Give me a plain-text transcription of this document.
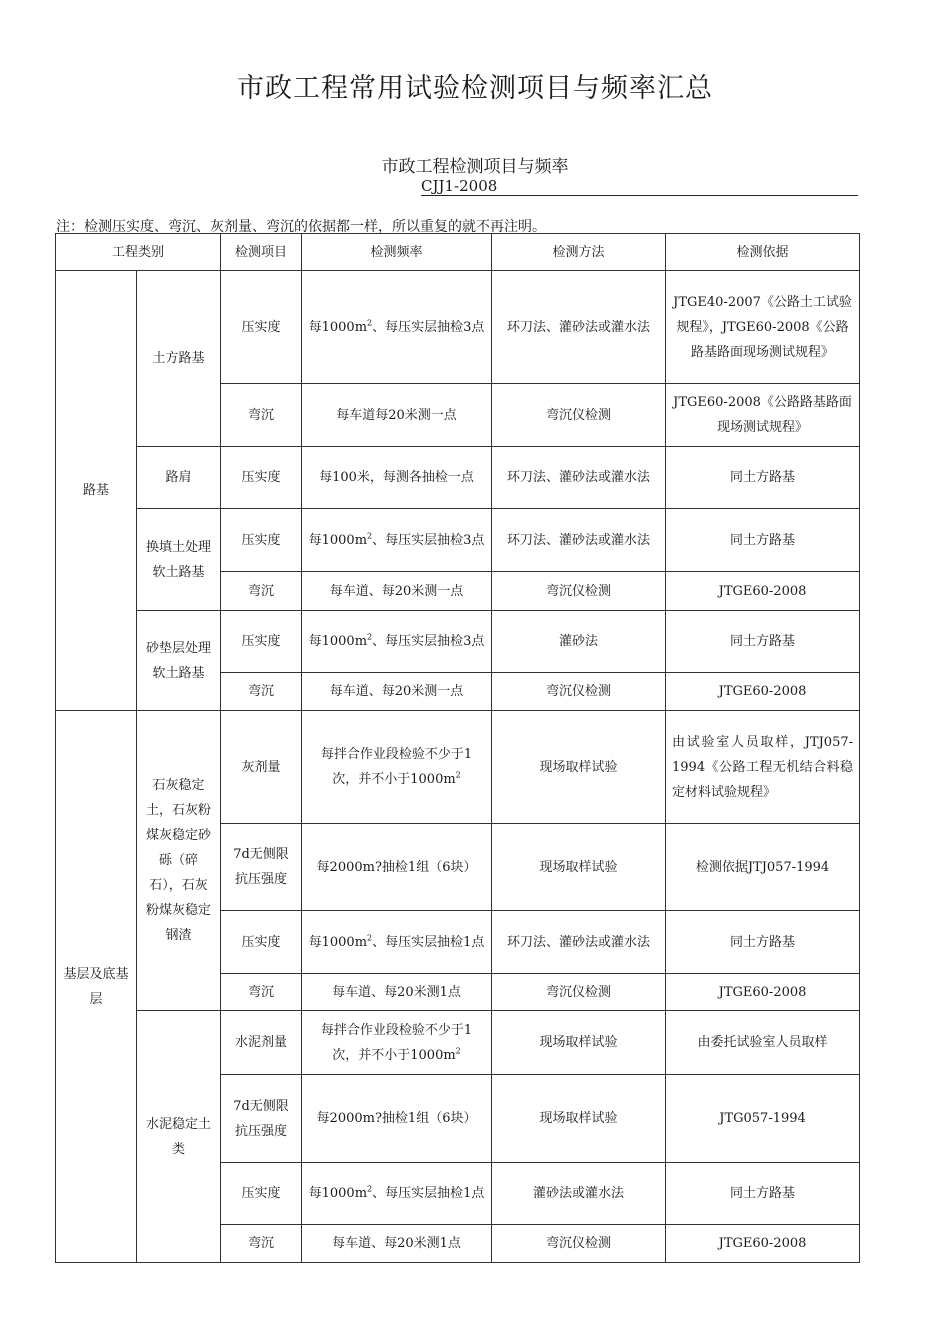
市政工程常用试验检测项目与频率汇总
市政工程检测项目与频率
CJJ1-2008
注：检测压实度、弯沉、灰剂量、弯沉的依据都一样，所以重复的就不再注明。
工程类别		检测项目	检测频率	检测方法	检测依据
路基	土方路基	压实度	每$1000m^2$、每压实层抽检3点	环刀法、灌砂法或灌水法	JTGE40-2007《公路土工试验规程》，JTGE60-2008《公路路基路面现场测试规程》
		弯沉	每车道每20米测一点	弯沉仪检测	JTGE60-2008《公路路基路面现场测试规程》
	路肩	压实度	每100米，每测各抽检一点	环刀法、灌砂法或灌水法	同土方路基
	换填土处理软土路基	压实度	每$1000m^2$、每压实层抽检3点	环刀法、灌砂法或灌水法	同土方路基
		弯沉	每车道、每20米测一点	弯沉仪检测	JTGE60-2008
	砂垫层处理软土路基	压实度	每$1000m^2$、每压实层抽检3点	灌砂法	同土方路基
		弯沉	每车道、每20米测一点	弯沉仪检测	JTGE60-2008
基层及底基层	石灰稳定土，石灰粉煤灰稳定砂砾（碎石），石灰粉煤灰稳定钢渣	灰剂量	每拌合作业段检验不少于1次，并不小于$1000m^2$	现场取样试验	由试验室人员取样，JTJ057-1994《公路工程无机结合料稳定材料试验规程》
		7d无侧限抗压强度	每2000m?抽检1组（6块）	现场取样试验	检测依据JTJ057-1994
		压实度	每$1000m^2$、每压实层抽检1点	环刀法、灌砂法或灌水法	同土方路基
		弯沉	每车道、每20米测1点	弯沉仪检测	JTGE60-2008
	水泥稳定土类	水泥剂量	每拌合作业段检验不少于1次，并不小于$1000m^2$	现场取样试验	由委托试验室人员取样
		7d无侧限抗压强度	每2000m?抽检1组（6块）	现场取样试验	JTG057-1994
		压实度	每$1000m^2$、每压实层抽检1点	灌砂法或灌水法	同土方路基
		弯沉	每车道、每20米测1点	弯沉仪检测	JTGE60-2008
